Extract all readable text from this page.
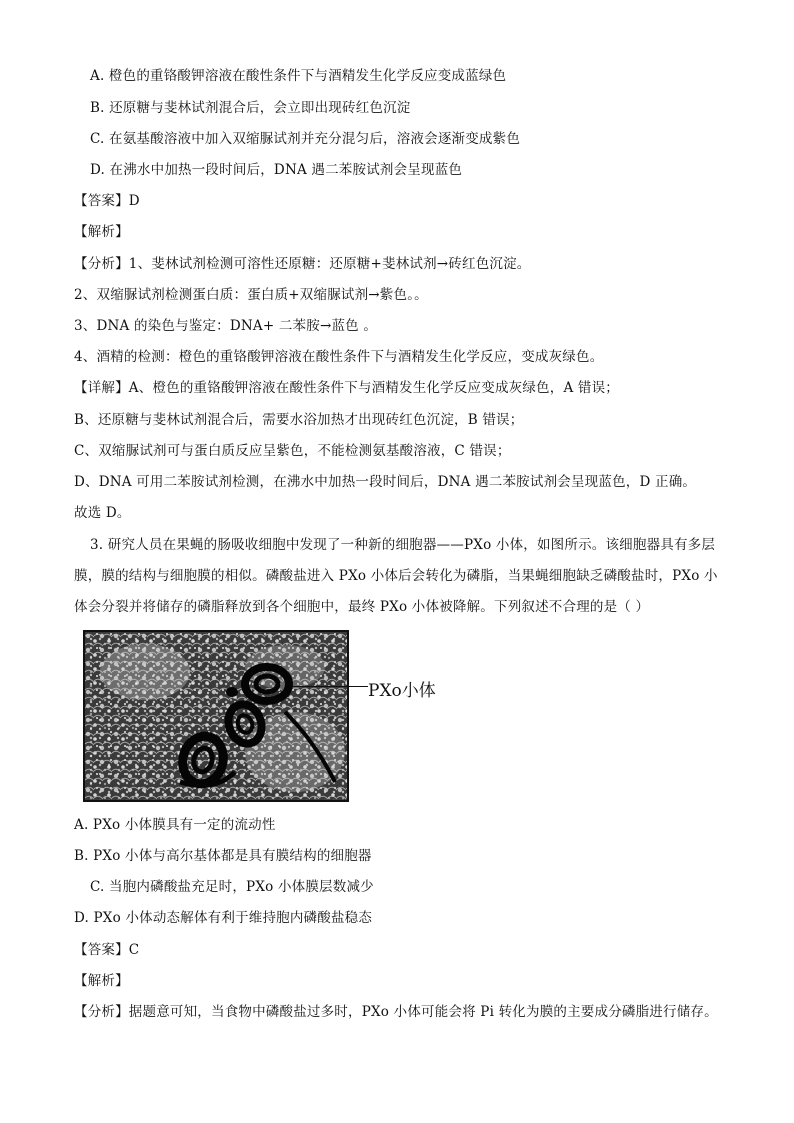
A. 橙色的重铬酸钾溶液在酸性条件下与酒精发生化学反应变成蓝绿色
B. 还原糖与斐林试剂混合后，会立即出现砖红色沉淀
C. 在氨基酸溶液中加入双缩脲试剂并充分混匀后，溶液会逐渐变成紫色
D. 在沸水中加热一段时间后，DNA 遇二苯胺试剂会呈现蓝色
【答案】D
【解析】
【分析】1、斐林试剂检测可溶性还原糖：还原糖+斐林试剂→砖红色沉淀。
2、双缩脲试剂检测蛋白质：蛋白质+双缩脲试剂→紫色。。
3、DNA 的染色与鉴定：DNA+ 二苯胺→蓝色 。
4、酒精的检测：橙色的重铬酸钾溶液在酸性条件下与酒精发生化学反应，变成灰绿色。
【详解】A、橙色的重铬酸钾溶液在酸性条件下与酒精发生化学反应变成灰绿色，A 错误；
B、还原糖与斐林试剂混合后，需要水浴加热才出现砖红色沉淀，B 错误；
C、双缩脲试剂可与蛋白质反应呈紫色，不能检测氨基酸溶液，C 错误；
D、DNA 可用二苯胺试剂检测，在沸水中加热一段时间后，DNA 遇二苯胺试剂会呈现蓝色，D 正确。
故选 D。
3. 研究人员在果蝇的肠吸收细胞中发现了一种新的细胞器——PXo 小体，如图所示。该细胞器具有多层
膜，膜的结构与细胞膜的相似。磷酸盐进入 PXo 小体后会转化为磷脂，当果蝇细胞缺乏磷酸盐时，PXo 小
体会分裂并将储存的磷脂释放到各个细胞中，最终 PXo 小体被降解。下列叙述不合理的是（ ）
PXo小体
A. PXo 小体膜具有一定的流动性
B. PXo 小体与高尔基体都是具有膜结构的细胞器
C. 当胞内磷酸盐充足时，PXo 小体膜层数减少
D. PXo 小体动态解体有利于维持胞内磷酸盐稳态
【答案】C
【解析】
【分析】据题意可知，当食物中磷酸盐过多时，PXo 小体可能会将 Pi 转化为膜的主要成分磷脂进行储存。
